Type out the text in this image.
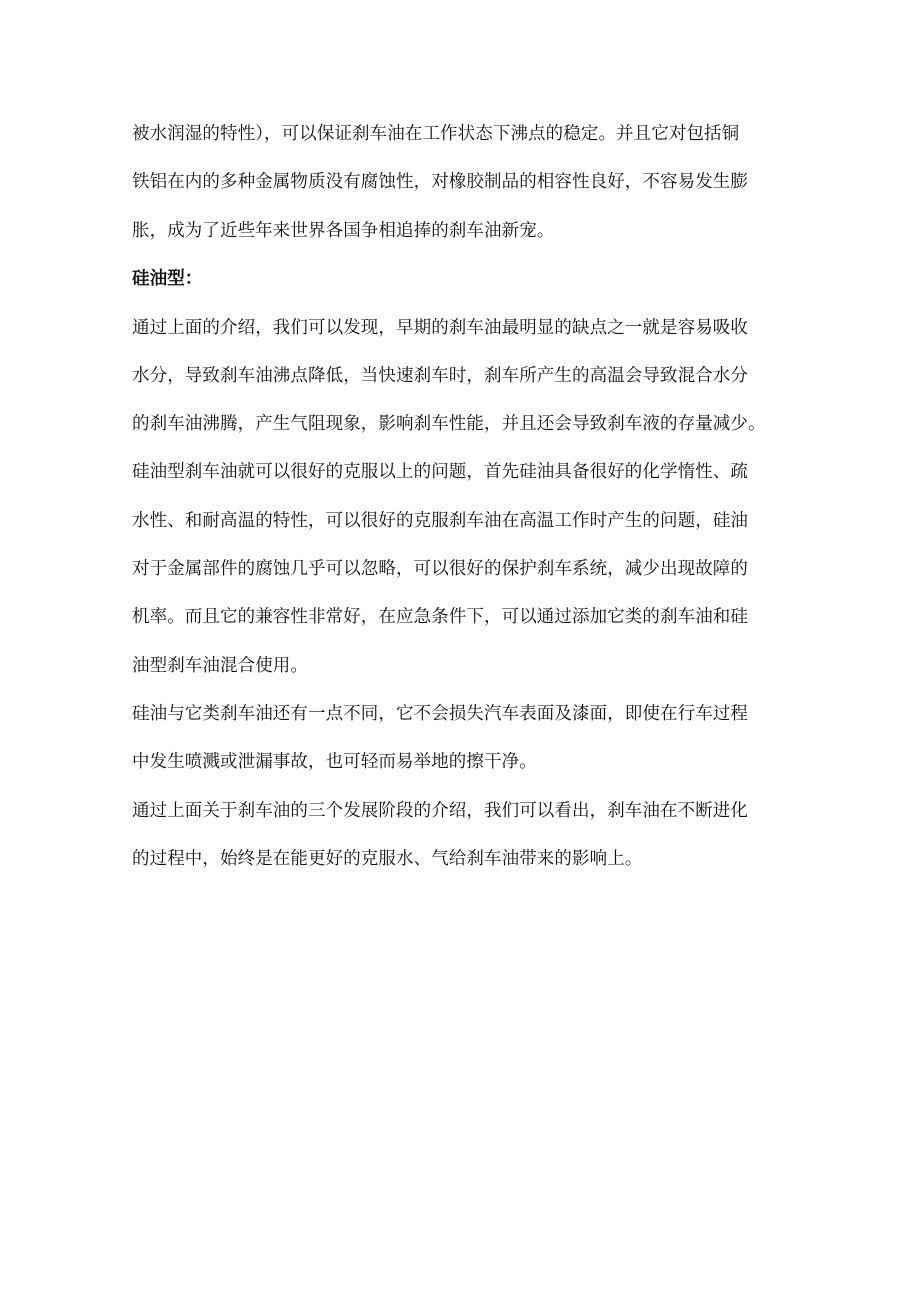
被水润湿的特性），可以保证刹车油在工作状态下沸点的稳定。并且它对包括铜

铁铝在内的多种金属物质没有腐蚀性，对橡胶制品的相容性良好，不容易发生膨

胀，成为了近些年来世界各国争相追捧的刹车油新宠。

硅油型：

通过上面的介绍，我们可以发现，早期的刹车油最明显的缺点之一就是容易吸收

水分，导致刹车油沸点降低，当快速刹车时，刹车所产生的高温会导致混合水分

的刹车油沸腾，产生气阻现象，影响刹车性能，并且还会导致刹车液的存量减少。

硅油型刹车油就可以很好的克服以上的问题，首先硅油具备很好的化学惰性、疏

水性、和耐高温的特性，可以很好的克服刹车油在高温工作时产生的问题，硅油

对于金属部件的腐蚀几乎可以忽略，可以很好的保护刹车系统，减少出现故障的

机率。而且它的兼容性非常好，在应急条件下，可以通过添加它类的刹车油和硅

油型刹车油混合使用。

硅油与它类刹车油还有一点不同，它不会损失汽车表面及漆面，即使在行车过程

中发生喷溅或泄漏事故，也可轻而易举地的擦干净。

通过上面关于刹车油的三个发展阶段的介绍，我们可以看出，刹车油在不断进化

的过程中，始终是在能更好的克服水、气给刹车油带来的影响上。
